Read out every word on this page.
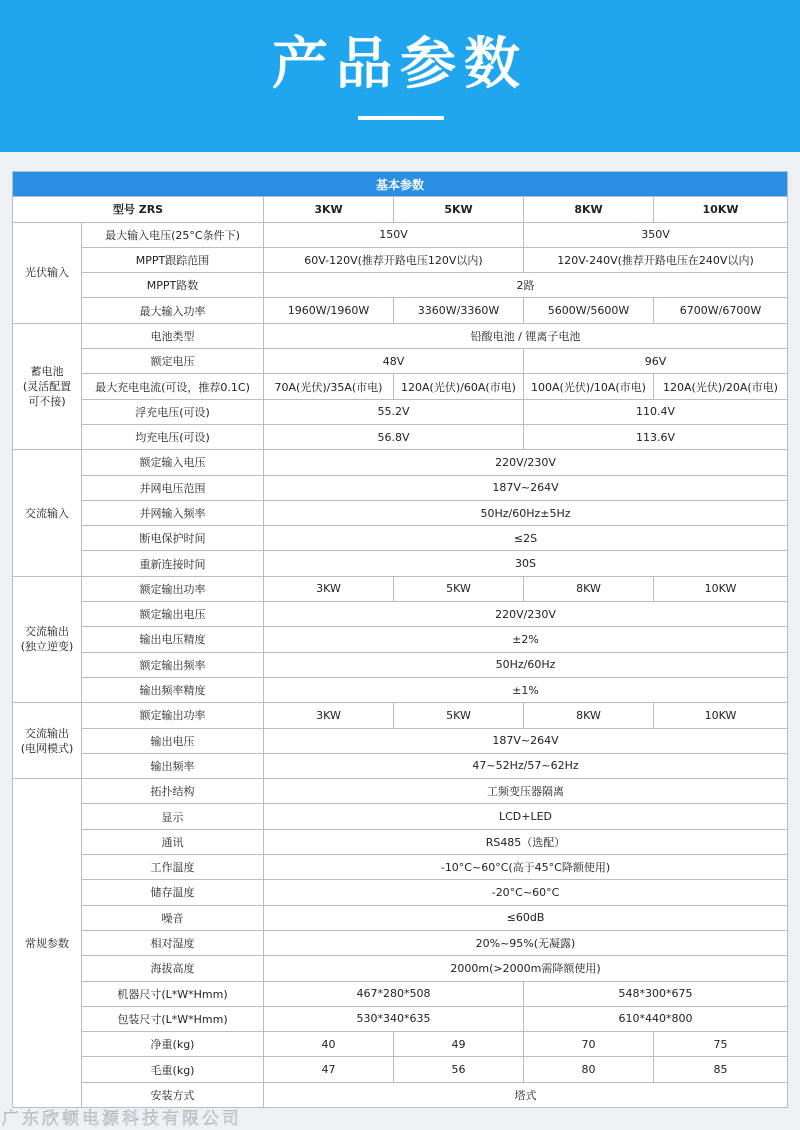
产品参数
基本参数					
型号 ZRS		3KW	5KW	8KW	10KW
光伏输入	最大输入电压(25°C条件下)	150V		350V	
	MPPT跟踪范围	60V-120V(推荐开路电压120V以内)		120V-240V(推荐开路电压在240V以内)	
	MPPT路数	2路			
	最大输入功率	1960W/1960W	3360W/3360W	5600W/5600W	6700W/6700W
蓄电池
(灵活配置
可不接)	电池类型	铅酸电池 / 锂离子电池			
	额定电压	48V		96V	
	最大充电电流(可设，推荐0.1C)	70A(光伏)/35A(市电)	120A(光伏)/60A(市电)	100A(光伏)/10A(市电)	120A(光伏)/20A(市电)
	浮充电压(可设)	55.2V		110.4V	
	均充电压(可设)	56.8V		113.6V	
交流输入	额定输入电压	220V/230V			
	并网电压范围	187V~264V			
	并网输入频率	50Hz/60Hz±5Hz			
	断电保护时间	≤2S			
	重新连接时间	30S			
交流输出
(独立逆变)	额定输出功率	3KW	5KW	8KW	10KW
	额定输出电压	220V/230V			
	输出电压精度	±2%			
	额定输出频率	50Hz/60Hz			
	输出频率精度	±1%			
交流输出
(电网模式)	额定输出功率	3KW	5KW	8KW	10KW
	输出电压	187V~264V			
	输出频率	47~52Hz/57~62Hz			
常规参数	拓扑结构	工频变压器隔离			
	显示	LCD+LED			
	通讯	RS485（选配）			
	工作温度	-10°C~60°C(高于45°C降额使用)			
	储存温度	-20°C~60°C			
	噪音	≤60dB			
	相对湿度	20%~95%(无凝露)			
	海拔高度	2000m(>2000m需降额使用)			
	机器尺寸(L*W*Hmm)	467*280*508		548*300*675	
	包装尺寸(L*W*Hmm)	530*340*635		610*440*800	
	净重(kg)	40	49	70	75
	毛重(kg)	47	56	80	85
	安装方式	塔式			
广东欣顿电源科技有限公司
